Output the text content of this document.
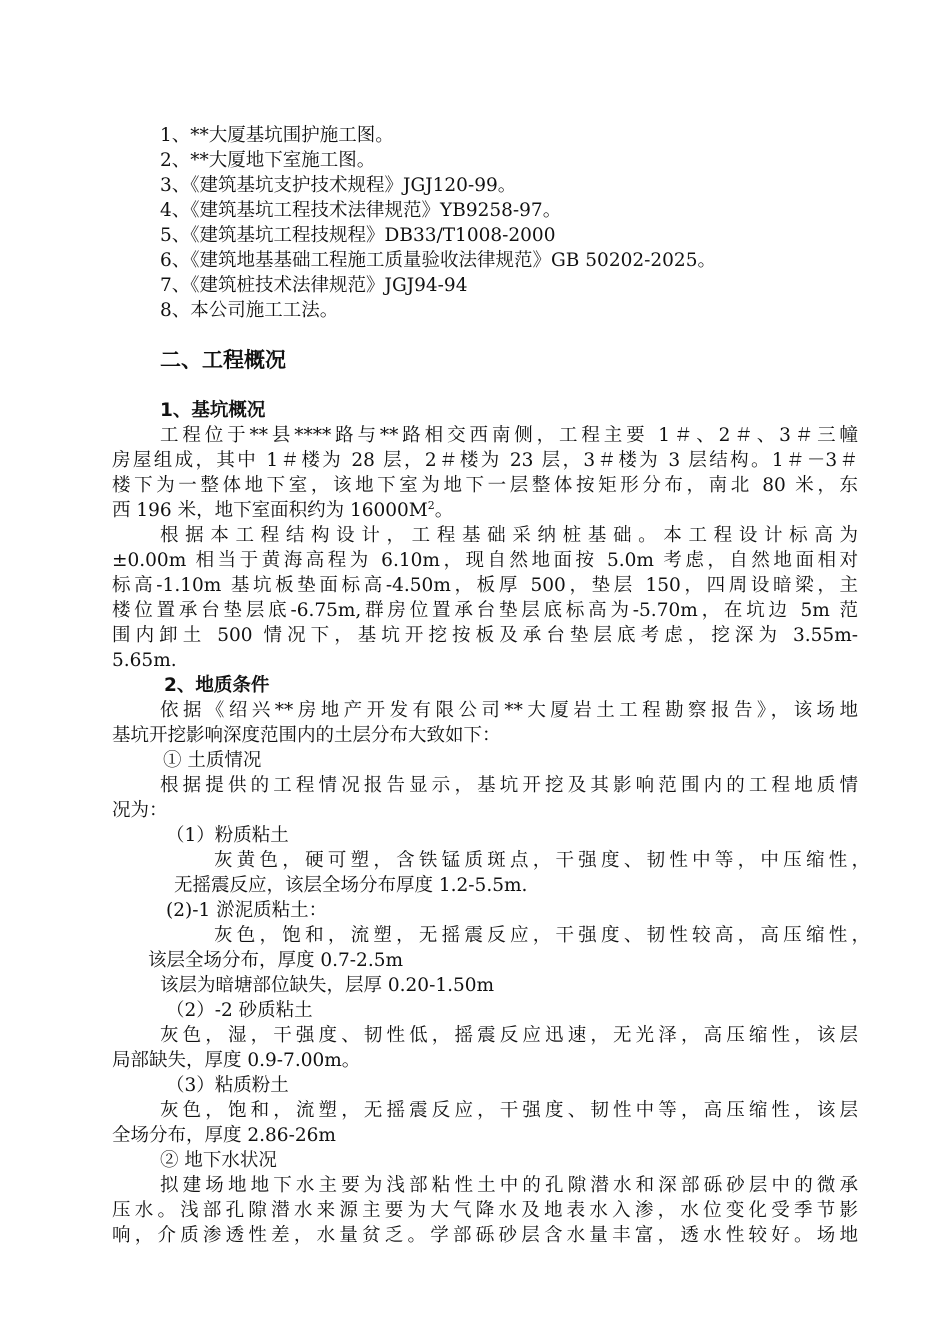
1、**大厦基坑围护施工图。
2、**大厦地下室施工图。
3、《建筑基坑支护技术规程》JGJ120-99。
4、《建筑基坑工程技术法律规范》YB9258-97。
5、《建筑基坑工程技规程》DB33/T1008-2000
6、《建筑地基基础工程施工质量验收法律规范》GB 50202-2025。
7、《建筑桩技术法律规范》JGJ94-94
8、本公司施工工法。
二、工程概况
1、基坑概况
工程位于**县****路与**路相交西南侧，工程主要 1＃、2＃、3＃三幢
房屋组成，其中 1＃楼为 28 层，2＃楼为 23 层，3＃楼为 3 层结构。1＃－3＃
楼下为一整体地下室，该地下室为地下一层整体按矩形分布，南北 80 米，东
西 196 米，地下室面积约为 $16000M^2$。
根据本工程结构设计，工程基础采纳桩基础。本工程设计标高为
±0.00m 相当于黄海高程为 6.10m，现自然地面按 5.0m 考虑，自然地面相对
标高-1.10m 基坑板垫面标高-4.50m，板厚 500，垫层 150，四周设暗梁，主
楼位置承台垫层底-6.75m,群房位置承台垫层底标高为-5.70m，在坑边 5m 范
围内卸土 500 情况下，基坑开挖按板及承台垫层底考虑，挖深为 3.55m-
5.65m.
2、地质条件
依据《绍兴**房地产开发有限公司**大厦岩土工程勘察报告》，该场地
基坑开挖影响深度范围内的土层分布大致如下：
① 土质情况
根据提供的工程情况报告显示，基坑开挖及其影响范围内的工程地质情
况为：
（1）粉质粘土
灰黄色，硬可塑，含铁锰质斑点，干强度、韧性中等，中压缩性，
无摇震反应，该层全场分布厚度 1.2-5.5m.
(2)-1 淤泥质粘土：
灰色，饱和，流塑，无摇震反应，干强度、韧性较高，高压缩性，
该层全场分布，厚度 0.7-2.5m
该层为暗塘部位缺失，层厚 0.20-1.50m
（2）-2 砂质粘土
灰色，湿，干强度、韧性低，摇震反应迅速，无光泽，高压缩性，该层
局部缺失，厚度 0.9-7.00m。
（3）粘质粉土
灰色，饱和，流塑，无摇震反应，干强度、韧性中等，高压缩性，该层
全场分布，厚度 2.86-26m
② 地下水状况
拟建场地地下水主要为浅部粘性土中的孔隙潜水和深部砾砂层中的微承
压水。浅部孔隙潜水来源主要为大气降水及地表水入渗，水位变化受季节影
响，介质渗透性差，水量贫乏。学部砾砂层含水量丰富，透水性较好。场地
